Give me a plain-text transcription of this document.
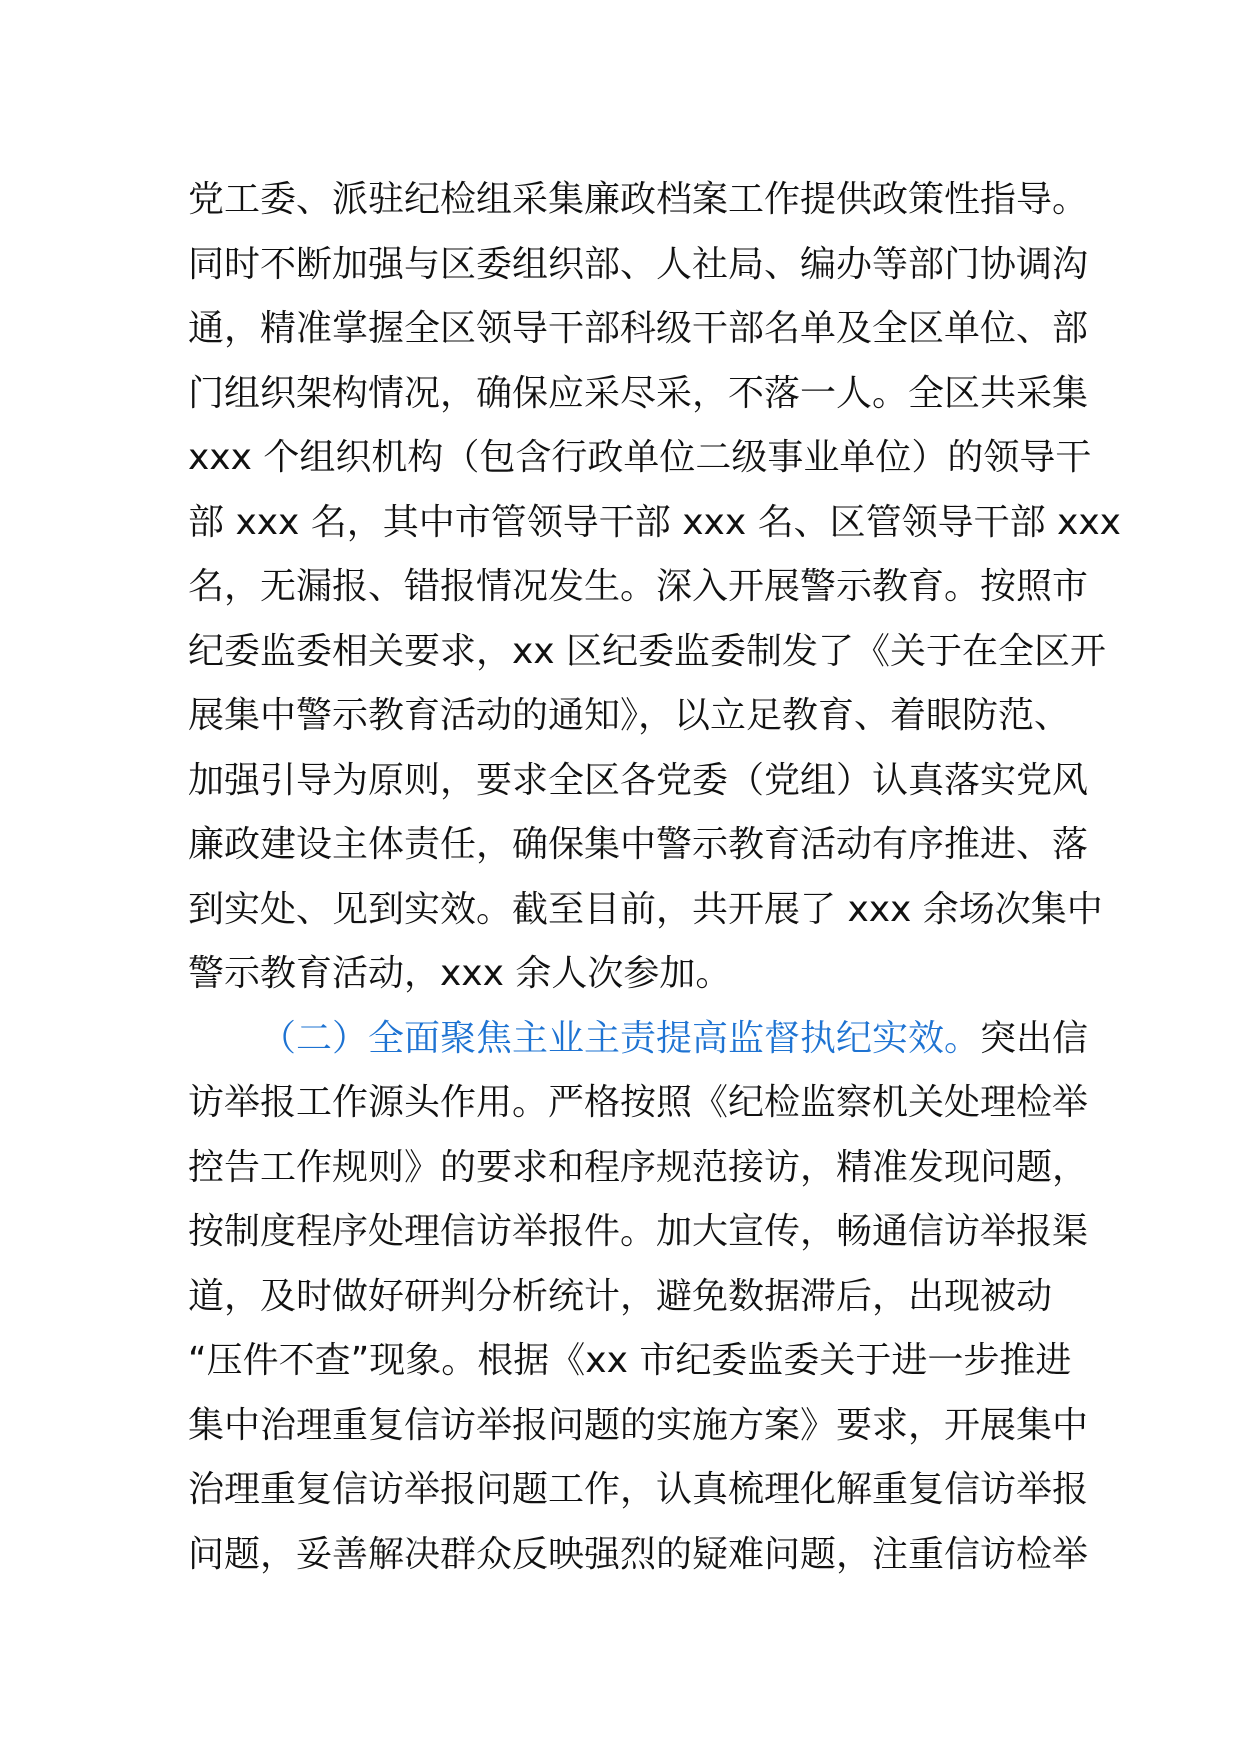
党工委、派驻纪检组采集廉政档案工作提供政策性指导。
同时不断加强与区委组织部、人社局、编办等部门协调沟
通，精准掌握全区领导干部科级干部名单及全区单位、部
门组织架构情况，确保应采尽采，不落一人。全区共采集
xxx 个组织机构（包含行政单位二级事业单位）的领导干
部 xxx 名，其中市管领导干部 xxx 名、区管领导干部 xxx
名，无漏报、错报情况发生。深入开展警示教育。按照市
纪委监委相关要求，xx 区纪委监委制发了《关于在全区开
展集中警示教育活动的通知》，以立足教育、着眼防范、
加强引导为原则，要求全区各党委（党组）认真落实党风
廉政建设主体责任，确保集中警示教育活动有序推进、落
到实处、见到实效。截至目前，共开展了 xxx 余场次集中
警示教育活动，xxx 余人次参加。
（二）全面聚焦主业主责提高监督执纪实效。突出信
访举报工作源头作用。严格按照《纪检监察机关处理检举
控告工作规则》的要求和程序规范接访，精准发现问题，
按制度程序处理信访举报件。加大宣传，畅通信访举报渠
道，及时做好研判分析统计，避免数据滞后，出现被动
“压件不查”现象。根据《xx 市纪委监委关于进一步推进
集中治理重复信访举报问题的实施方案》要求，开展集中
治理重复信访举报问题工作，认真梳理化解重复信访举报
问题，妥善解决群众反映强烈的疑难问题，注重信访检举
